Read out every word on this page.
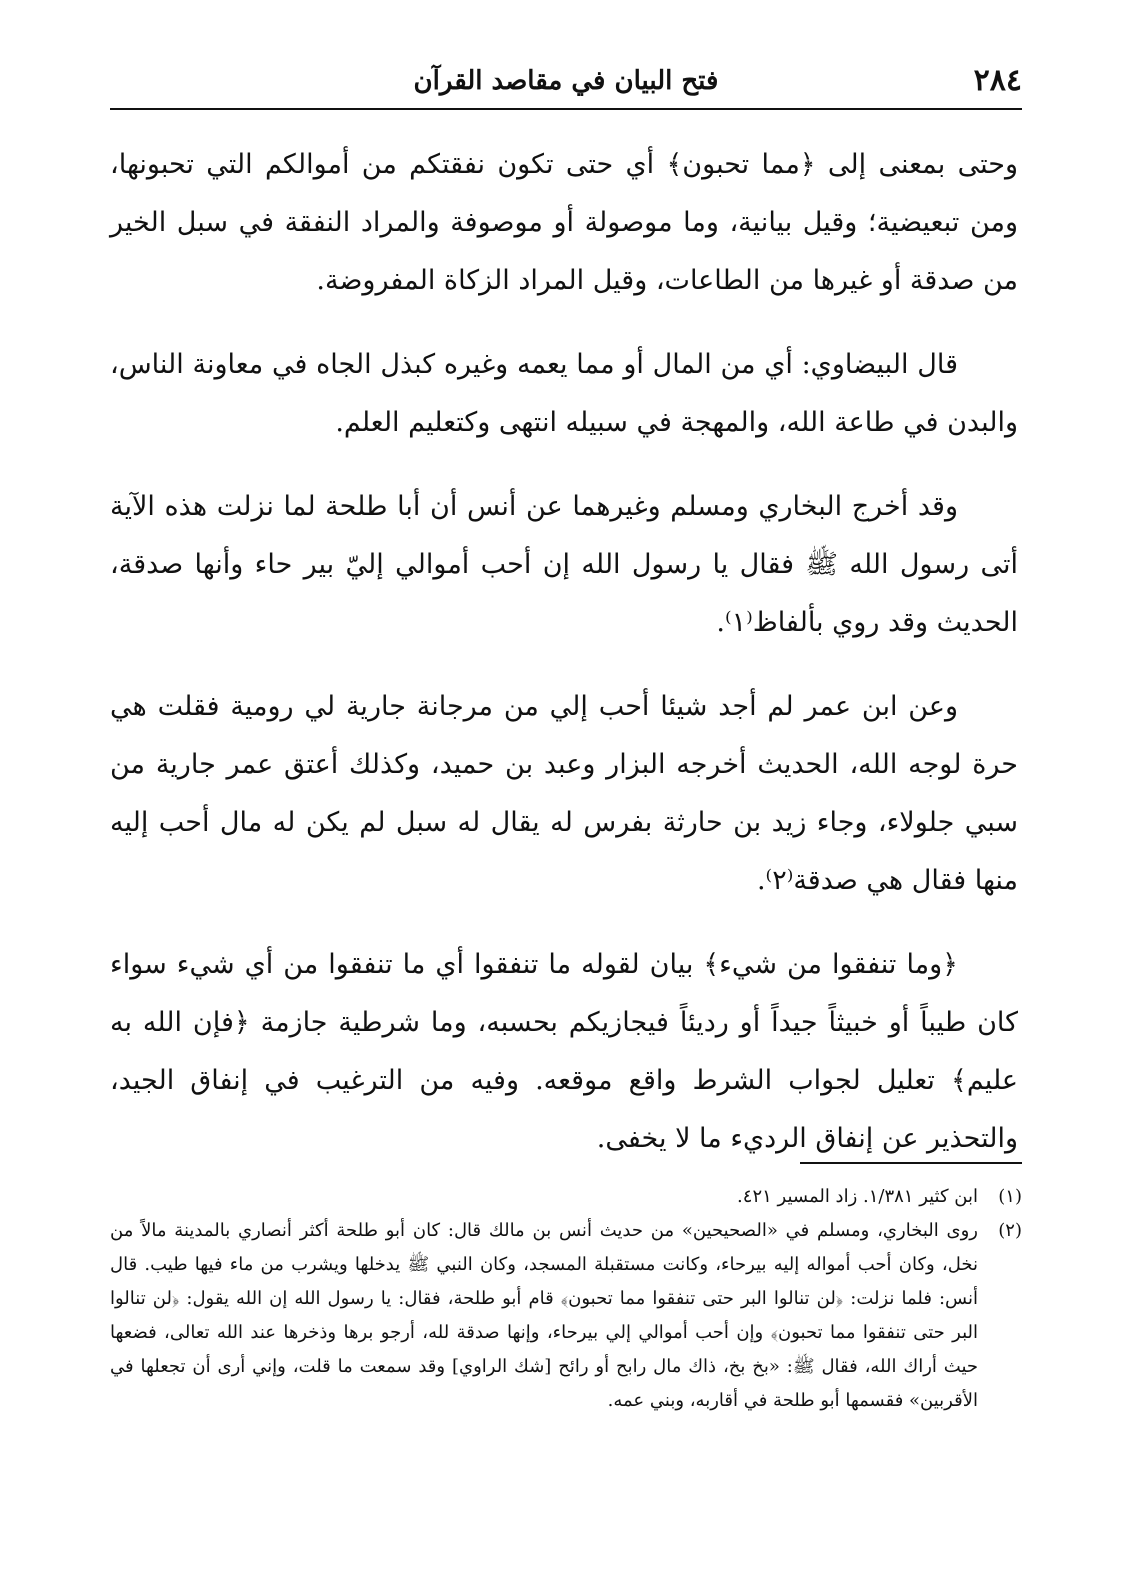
٢٨٤
فتح البيان في مقاصد القرآن

وحتى بمعنى إلى ﴿مما تحبون﴾ أي حتى تكون نفقتكم من أموالكم التي تحبونها، ومن تبعيضية؛ وقيل بيانية، وما موصولة أو موصوفة والمراد النفقة في سبل الخير من صدقة أو غيرها من الطاعات، وقيل المراد الزكاة المفروضة.

قال البيضاوي: أي من المال أو مما يعمه وغيره كبذل الجاه في معاونة الناس، والبدن في طاعة الله، والمهجة في سبيله انتهى وكتعليم العلم.

وقد أخرج البخاري ومسلم وغيرهما عن أنس أن أبا طلحة لما نزلت هذه الآية أتى رسول الله ﷺ فقال يا رسول الله إن أحب أموالي إليّ بير حاء وأنها صدقة، الحديث وقد روي بألفاظ⁽١⁾.

وعن ابن عمر لم أجد شيئا أحب إلي من مرجانة جارية لي رومية فقلت هي حرة لوجه الله، الحديث أخرجه البزار وعبد بن حميد، وكذلك أعتق عمر جارية من سبي جلولاء، وجاء زيد بن حارثة بفرس له يقال له سبل لم يكن له مال أحب إليه منها فقال هي صدقة⁽٢⁾.

﴿وما تنفقوا من شيء﴾ بيان لقوله ما تنفقوا أي ما تنفقوا من أي شيء سواء كان طيباً أو خبيثاً جيداً أو رديئاً فيجازيكم بحسبه، وما شرطية جازمة ﴿فإن الله به عليم﴾ تعليل لجواب الشرط واقع موقعه. وفيه من الترغيب في إنفاق الجيد، والتحذير عن إنفاق الرديء ما لا يخفى.

(١)
ابن كثير ١/٣٨١. زاد المسير ٤٢١.
(٢)
روى البخاري، ومسلم في «الصحيحين» من حديث أنس بن مالك قال: كان أبو طلحة أكثر أنصاري بالمدينة مالاً من نخل، وكان أحب أمواله إليه بيرحاء، وكانت مستقبلة المسجد، وكان النبي ﷺ يدخلها ويشرب من ماء فيها طيب. قال أنس: فلما نزلت: ﴿لن تنالوا البر حتى تنفقوا مما تحبون﴾ قام أبو طلحة، فقال: يا رسول الله إن الله يقول: ﴿لن تنالوا البر حتى تنفقوا مما تحبون﴾ وإن أحب أموالي إلي بيرحاء، وإنها صدقة لله، أرجو برها وذخرها عند الله تعالى، فضعها حيث أراك الله، فقال ﷺ: «بخ بخ، ذاك مال رابح أو رائح [شك الراوي] وقد سمعت ما قلت، وإني أرى أن تجعلها في الأقربين» فقسمها أبو طلحة في أقاربه، وبني عمه.
